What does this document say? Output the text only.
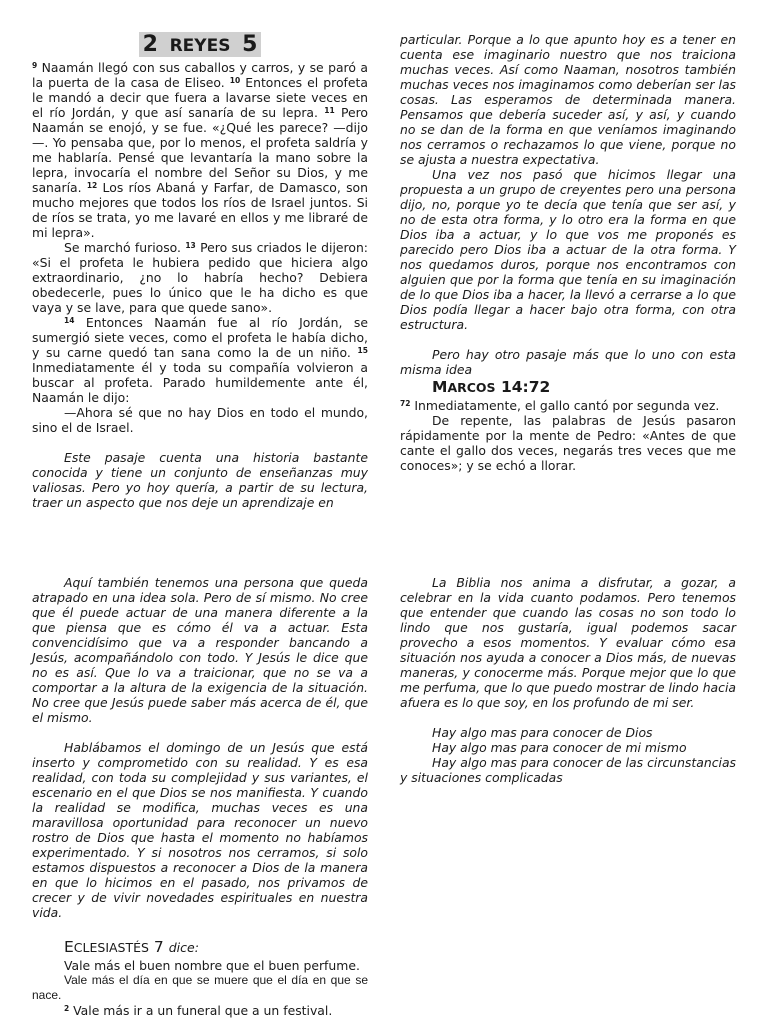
2 REYES 5

$^9$ Naamán llegó con sus caballos y carros, y se paró a la puerta de la casa de Eliseo. $^{10}$ Entonces el profeta le mandó a decir que fuera a lavarse siete veces en el río Jordán, y que así sanaría de su lepra. $^{11}$ Pero Naamán se enojó, y se fue. «¿Qué les parece? —dijo—. Yo pensaba que, por lo menos, el profeta saldría y me hablaría. Pensé que levantaría la mano sobre la lepra, invocaría el nombre del Señor su Dios, y me sanaría. $^{12}$ Los ríos Abaná y Farfar, de Damasco, son mucho mejores que todos los ríos de Israel juntos. Si de ríos se trata, yo me lavaré en ellos y me libraré de mi lepra».

Se marchó furioso. $^{13}$ Pero sus criados le dijeron: «Si el profeta le hubiera pedido que hiciera algo extraordinario, ¿no lo habría hecho? Debiera obedecerle, pues lo único que le ha dicho es que vaya y se lave, para que quede sano».

$^{14}$ Entonces Naamán fue al río Jordán, se sumergió siete veces, como el profeta le había dicho, y su carne quedó tan sana como la de un niño. $^{15}$ Inmediatamente él y toda su compañía volvieron a buscar al profeta. Parado humildemente ante él, Naamán le dijo:

—Ahora sé que no hay Dios en todo el mundo, sino el de Israel.

Este pasaje cuenta una historia bastante conocida y tiene un conjunto de enseñanzas muy valiosas. Pero yo hoy quería, a partir de su lectura, traer un aspecto que nos deje un aprendizaje en

particular. Porque a lo que apunto hoy es a tener en cuenta ese imaginario nuestro que nos traiciona muchas veces. Así como Naaman, nosotros también muchas veces nos imaginamos como deberían ser las cosas. Las esperamos de determinada manera. Pensamos que debería suceder así, y así, y cuando no se dan de la forma en que veníamos imaginando nos cerramos o rechazamos lo que viene, porque no se ajusta a nuestra expectativa.

Una vez nos pasó que hicimos llegar una propuesta a un grupo de creyentes pero una persona dijo, no, porque yo te decía que tenía que ser así, y no de esta otra forma, y lo otro era la forma en que Dios iba a actuar, y lo que vos me proponés es parecido pero Dios iba a actuar de la otra forma. Y nos quedamos duros, porque nos encontramos con alguien que por la forma que tenía en su imaginación de lo que Dios iba a hacer, la llevó a cerrarse a lo que Dios podía llegar a hacer bajo otra forma, con otra estructura.

Pero hay otro pasaje más que lo uno con esta misma idea

MARCOS 14:72

$^{72}$ Inmediatamente, el gallo cantó por segunda vez.

De repente, las palabras de Jesús pasaron rápidamente por la mente de Pedro: «Antes de que cante el gallo dos veces, negarás tres veces que me conoces»; y se echó a llorar.

Aquí también tenemos una persona que queda atrapado en una idea sola. Pero de sí mismo. No cree que él puede actuar de una manera diferente a la que piensa que es cómo él va a actuar. Esta convencidísimo que va a responder bancando a Jesús, acompañándolo con todo. Y Jesús le dice que no es así. Que lo va a traicionar, que no se va a comportar a la altura de la exigencia de la situación. No cree que Jesús puede saber más acerca de él, que el mismo.

Hablábamos el domingo de un Jesús que está inserto y comprometido con su realidad. Y es esa realidad, con toda su complejidad y sus variantes, el escenario en el que Dios se nos manifiesta. Y cuando la realidad se modifica, muchas veces es una maravillosa oportunidad para reconocer un nuevo rostro de Dios que hasta el momento no habíamos experimentado. Y si nosotros nos cerramos, si solo estamos dispuestos a reconocer a Dios de la manera en que lo hicimos en el pasado, nos privamos de crecer y de vivir novedades espirituales en nuestra vida.

ECLESIASTÉS 7 dice:

Vale más el buen nombre que el buen perfume.

Vale más el día en que se muere que el día en que se nace.

$^2$ Vale más ir a un funeral que a un festival.

La Biblia nos anima a disfrutar, a gozar, a celebrar en la vida cuanto podamos. Pero tenemos que entender que cuando las cosas no son todo lo lindo que nos gustaría, igual podemos sacar provecho a esos momentos. Y evaluar cómo esa situación nos ayuda a conocer a Dios más, de nuevas maneras, y conocerme más. Porque mejor que lo que me perfuma, que lo que puedo mostrar de lindo hacia afuera es lo que soy, en los profundo de mi ser.

Hay algo mas para conocer de Dios

Hay algo mas para conocer de mi mismo

Hay algo mas para conocer de las circunstancias y situaciones complicadas
